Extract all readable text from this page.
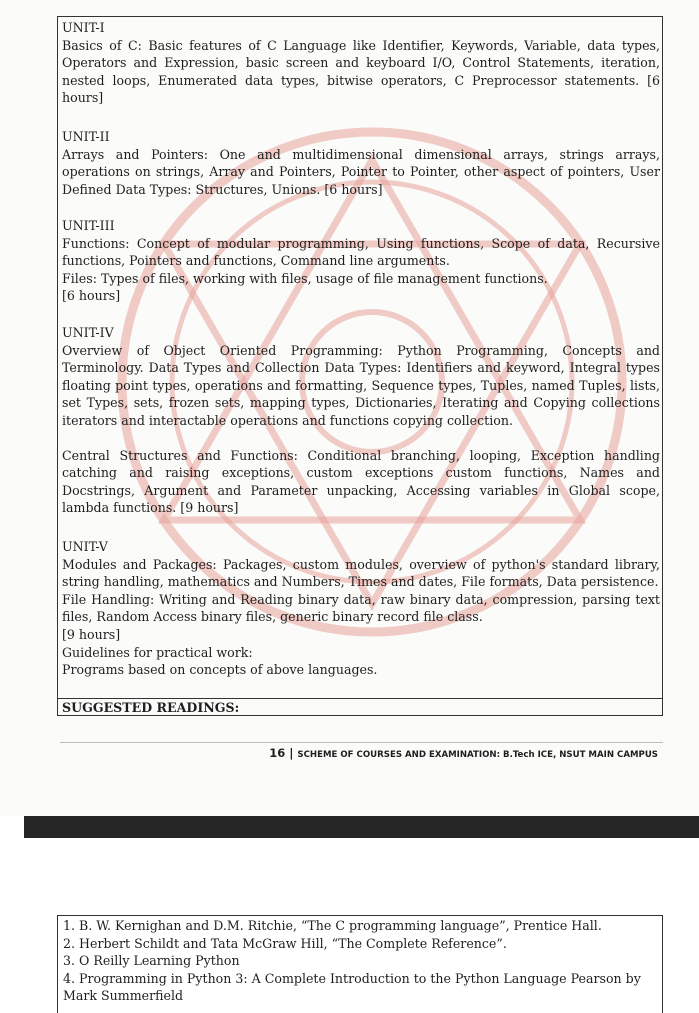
UNIT-I

Basics of C: Basic features of C Language like Identifier, Keywords, Variable, data types, Operators and Expression, basic screen and keyboard I/O, Control Statements, iteration, nested loops, Enumerated data types, bitwise operators, C Preprocessor statements. [6 hours]

UNIT-II

Arrays and Pointers: One and multidimensional dimensional arrays, strings arrays, operations on strings, Array and Pointers, Pointer to Pointer, other aspect of pointers, User Defined Data Types: Structures, Unions. [6 hours]

UNIT-III

Functions: Concept of modular programming, Using functions, Scope of data, Recursive functions, Pointers and functions, Command line arguments.

Files: Types of files, working with files, usage of file management functions.

[6 hours]

UNIT-IV

Overview of Object Oriented Programming: Python Programming, Concepts and Terminology. Data Types and Collection Data Types: Identifiers and keyword, Integral types floating point types, operations and formatting, Sequence types, Tuples, named Tuples, lists, set Types, sets, frozen sets, mapping types, Dictionaries, Iterating and Copying collections iterators and interactable operations and functions copying collection.

Central Structures and Functions: Conditional branching, looping, Exception handling catching and raising exceptions, custom exceptions custom functions, Names and Docstrings, Argument and Parameter unpacking, Accessing variables in Global scope, lambda functions. [9 hours]

UNIT-V

Modules and Packages: Packages, custom modules, overview of python's standard library, string handling, mathematics and Numbers, Times and dates, File formats, Data persistence.

File Handling: Writing and Reading binary data, raw binary data, compression, parsing text files, Random Access binary files, generic binary record file class.

[9 hours]

Guidelines for practical work:

Programs based on concepts of above languages.

SUGGESTED READINGS:
16 | SCHEME OF COURSES AND EXAMINATION: B.Tech ICE, NSUT MAIN CAMPUS
1. B. W. Kernighan and D.M. Ritchie, “The C programming language”, Prentice Hall.
2. Herbert Schildt and Tata McGraw Hill, “The Complete Reference”.
3. O Reilly Learning Python
4. Programming in Python 3: A Complete Introduction to the Python Language Pearson by Mark Summerfield
